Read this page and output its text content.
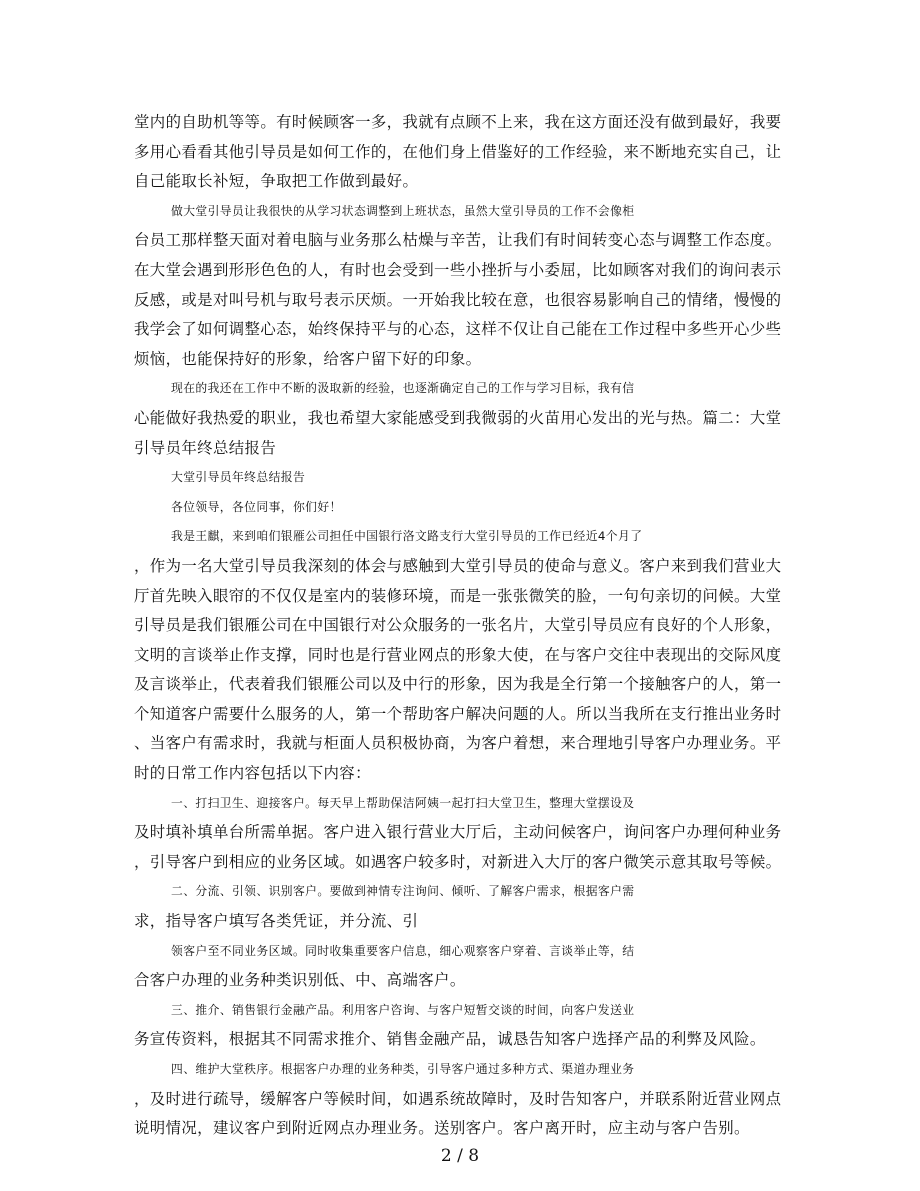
堂内的自助机等等。有时候顾客一多，我就有点顾不上来，我在这方面还没有做到最好，我要
多用心看看其他引导员是如何工作的，在他们身上借鉴好的工作经验，来不断地充实自己，让
自己能取长补短，争取把工作做到最好。
做大堂引导员让我很快的从学习状态调整到上班状态，虽然大堂引导员的工作不会像柜
台员工那样整天面对着电脑与业务那么枯燥与辛苦，让我们有时间转变心态与调整工作态度。
在大堂会遇到形形色色的人，有时也会受到一些小挫折与小委屈，比如顾客对我们的询问表示
反感，或是对叫号机与取号表示厌烦。一开始我比较在意，也很容易影响自己的情绪，慢慢的
我学会了如何调整心态，始终保持平与的心态，这样不仅让自己能在工作过程中多些开心少些
烦恼，也能保持好的形象，给客户留下好的印象。
现在的我还在工作中不断的汲取新的经验，也逐渐确定自己的工作与学习目标，我有信
心能做好我热爱的职业，我也希望大家能感受到我微弱的火苗用心发出的光与热。篇二：大堂
引导员年终总结报告
大堂引导员年终总结报告
各位领导，各位同事，你们好！
我是王麒，来到咱们银雁公司担任中国银行洛文路支行大堂引导员的工作已经近4个月了
，作为一名大堂引导员我深刻的体会与感触到大堂引导员的使命与意义。客户来到我们营业大
厅首先映入眼帘的不仅仅是室内的装修环境，而是一张张微笑的脸，一句句亲切的问候。大堂
引导员是我们银雁公司在中国银行对公众服务的一张名片，大堂引导员应有良好的个人形象，
文明的言谈举止作支撑，同时也是行营业网点的形象大使，在与客户交往中表现出的交际风度
及言谈举止，代表着我们银雁公司以及中行的形象，因为我是全行第一个接触客户的人，第一
个知道客户需要什么服务的人，第一个帮助客户解决问题的人。所以当我所在支行推出业务时
、当客户有需求时，我就与柜面人员积极协商，为客户着想，来合理地引导客户办理业务。平
时的日常工作内容包括以下内容：
一、打扫卫生、迎接客户。每天早上帮助保洁阿姨一起打扫大堂卫生，整理大堂摆设及
及时填补填单台所需单据。客户进入银行营业大厅后，主动问候客户，询问客户办理何种业务
，引导客户到相应的业务区域。如遇客户较多时，对新进入大厅的客户微笑示意其取号等候。
二、分流、引领、识别客户。要做到神情专注询问、倾听、了解客户需求，根据客户需
求，指导客户填写各类凭证，并分流、引
领客户至不同业务区域。同时收集重要客户信息，细心观察客户穿着、言谈举止等，结
合客户办理的业务种类识别低、中、高端客户。
三、推介、销售银行金融产品。利用客户咨询、与客户短暂交谈的时间，向客户发送业
务宣传资料，根据其不同需求推介、销售金融产品，诚恳告知客户选择产品的利弊及风险。
四、维护大堂秩序。根据客户办理的业务种类，引导客户通过多种方式、渠道办理业务
，及时进行疏导，缓解客户等候时间，如遇系统故障时，及时告知客户，并联系附近营业网点
说明情况，建议客户到附近网点办理业务。送别客户。客户离开时，应主动与客户告别。
2 / 8
